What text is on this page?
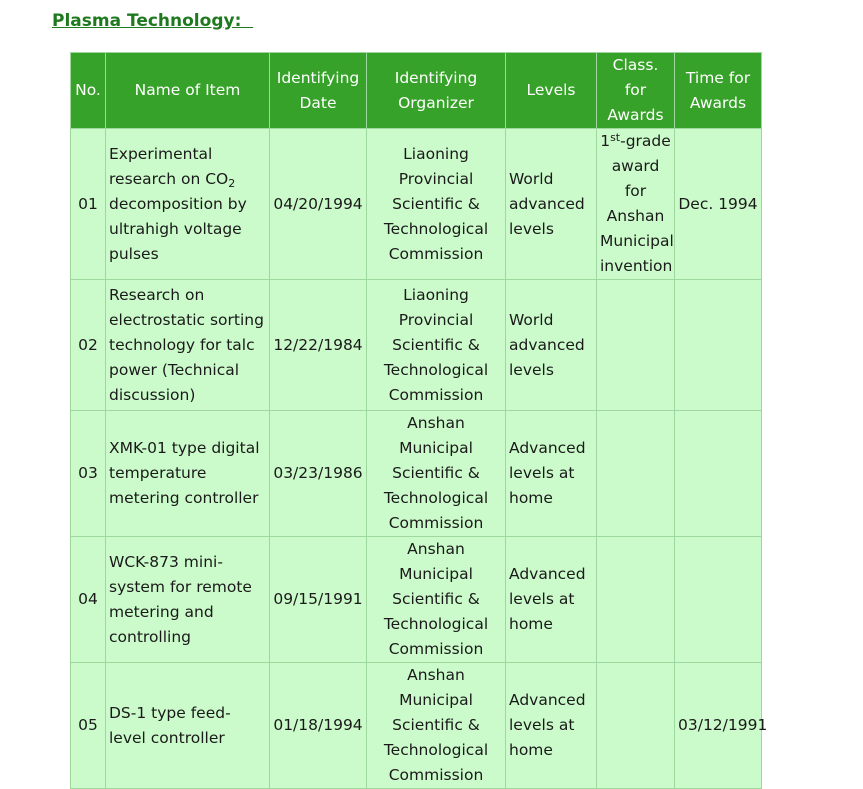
Plasma Technology:
No.	Name of Item	Identifying Date	Identifying Organizer	Levels	Class. for Awards	Time for Awards
01	Experimental research on $CO_2$ decomposition by ultrahigh voltage pulses	04/20/1994	Liaoning Provincial Scientific & Technological Commission	World advanced levels	1st-grade award for Anshan Municipal invention	Dec. 1994
02	Research on electrostatic sorting technology for talc power (Technical discussion)	12/22/1984	Liaoning Provincial Scientific & Technological Commission	World advanced levels		
03	XMK-01 type digital temperature metering controller	03/23/1986	Anshan Municipal Scientific & Technological Commission	Advanced levels at home		
04	WCK-873 mini-system for remote metering and controlling	09/15/1991	Anshan Municipal Scientific & Technological Commission	Advanced levels at home		
05	DS-1 type feed-level controller	01/18/1994	Anshan Municipal Scientific & Technological Commission	Advanced levels at home		03/12/1991
